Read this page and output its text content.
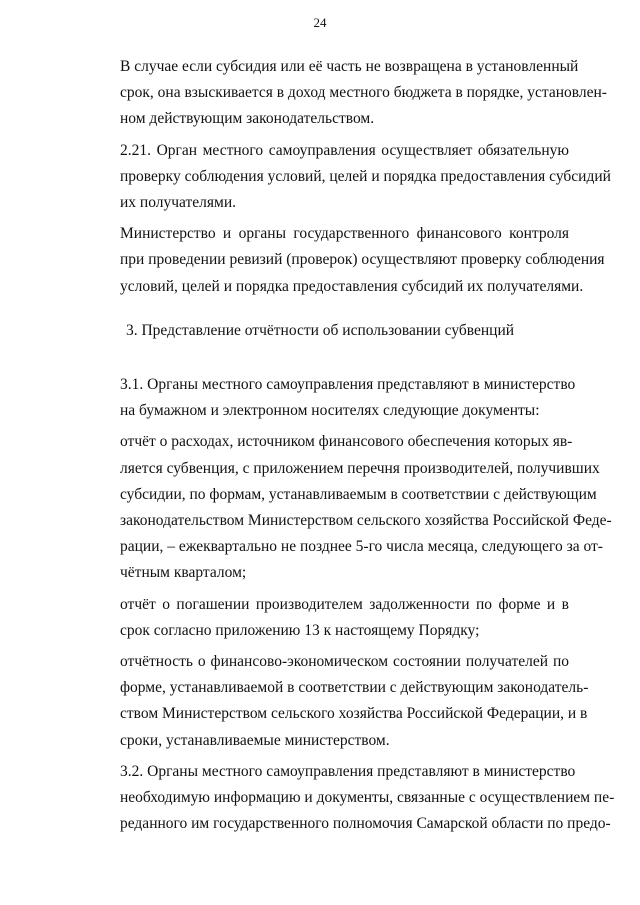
24
В случае если субсидия или её часть не возвращена в установленный
срок, она взыскивается в доход местного бюджета в порядке, установлен-
ном действующим законодательством.
2.21. Орган местного самоуправления осуществляет обязательную
проверку соблюдения условий, целей и порядка предоставления субсидий
их получателями.
Министерство и органы государственного финансового контроля
при проведении ревизий (проверок) осуществляют проверку соблюдения
условий, целей и порядка предоставления субсидий их получателями.
3. Представление отчётности об использовании субвенций
3.1. Органы местного самоуправления представляют в министерство
на бумажном и электронном носителях следующие документы:
отчёт о расходах, источником финансового обеспечения которых яв-
ляется субвенция, с приложением перечня производителей, получивших
субсидии, по формам, устанавливаемым в соответствии с действующим
законодательством Министерством сельского хозяйства Российской Феде-
рации, – ежеквартально не позднее 5-го числа месяца, следующего за от-
чётным кварталом;
отчёт о погашении производителем задолженности по форме и в
срок согласно приложению 13 к настоящему Порядку;
отчётность о финансово-экономическом состоянии получателей по
форме, устанавливаемой в соответствии с действующим законодатель-
ством Министерством сельского хозяйства Российской Федерации, и в
сроки, устанавливаемые министерством.
3.2. Органы местного самоуправления представляют в министерство
необходимую информацию и документы, связанные с осуществлением пе-
реданного им государственного полномочия Самарской области по предо-
